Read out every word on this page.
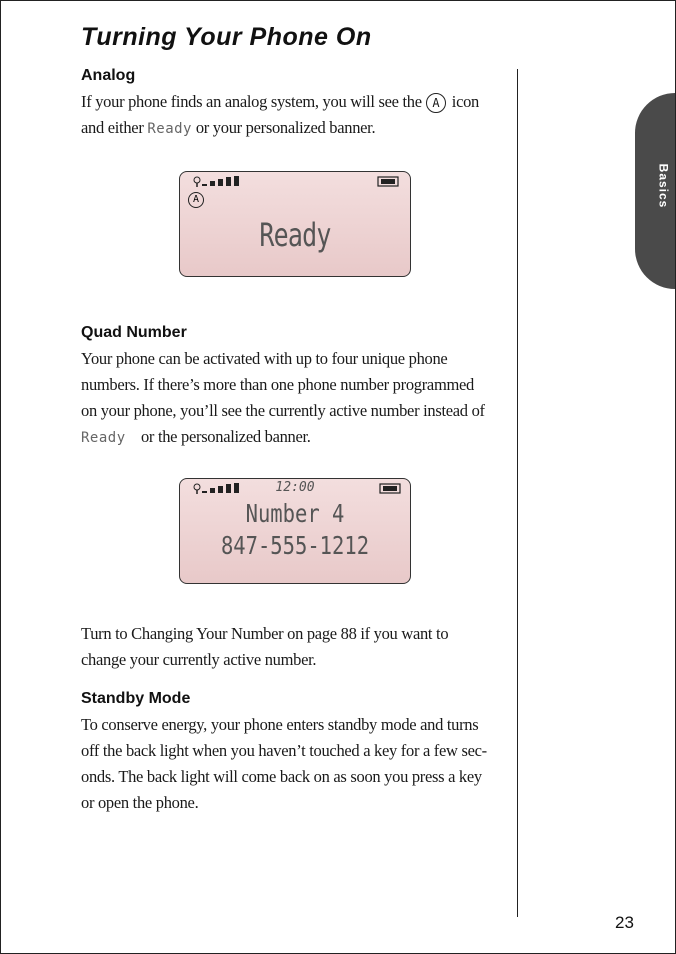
Turning Your Phone On
Analog
If your phone finds an analog system, you will see the A icon
and either Ready or your personalized banner.
A
Ready
Quad Number
Your phone can be activated with up to four unique phone
numbers. If there’s more than one phone number programmed
on your phone, you’ll see the currently active number instead of
Ready or the personalized banner.
12:00
Number 4
847-555-1212
Turn to Changing Your Number on page 88 if you want to
change your currently active number.
Standby Mode
To conserve energy, your phone enters standby mode and turns
off the back light when you haven’t touched a key for a few sec-
onds. The back light will come back on as soon you press a key
or open the phone.
Basics
23
